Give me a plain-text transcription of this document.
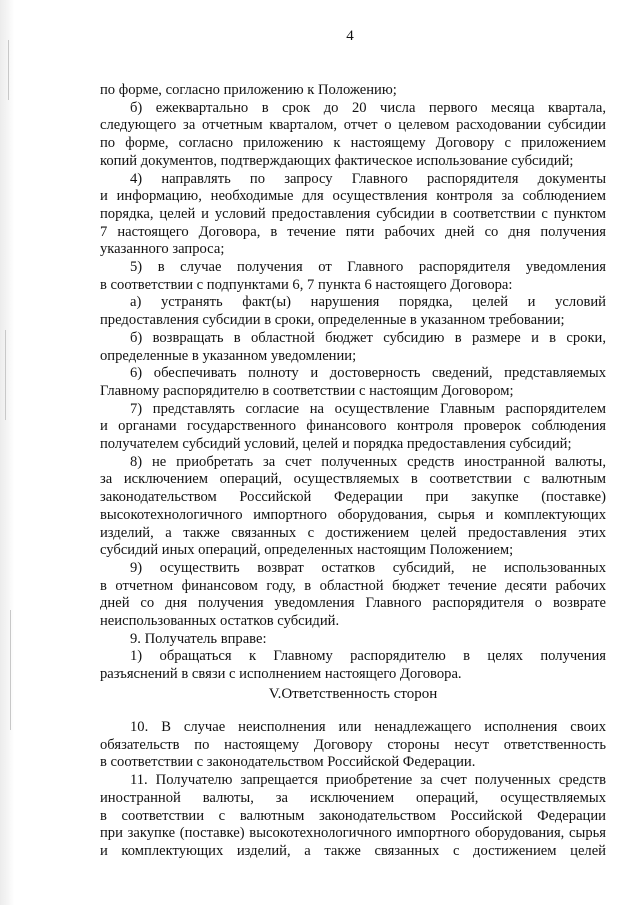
4
по форме, согласно приложению к Положению;
б) ежеквартально в срок до 20 числа первого месяца квартала,
следующего за отчетным кварталом, отчет о целевом расходовании субсидии
по форме, согласно приложению к настоящему Договору с приложением
копий документов, подтверждающих фактическое использование субсидий;
4) направлять по запросу Главного распорядителя документы
и информацию, необходимые для осуществления контроля за соблюдением
порядка, целей и условий предоставления субсидии в соответствии с пунктом
7 настоящего Договора, в течение пяти рабочих дней со дня получения
указанного запроса;
5) в случае получения от Главного распорядителя уведомления
в соответствии с подпунктами 6, 7 пункта 6 настоящего Договора:
а) устранять факт(ы) нарушения порядка, целей и условий
предоставления субсидии в сроки, определенные в указанном требовании;
б) возвращать в областной бюджет субсидию в размере и в сроки,
определенные в указанном уведомлении;
6) обеспечивать полноту и достоверность сведений, представляемых
Главному распорядителю в соответствии с настоящим Договором;
7) представлять согласие на осуществление Главным распорядителем
и органами государственного финансового контроля проверок соблюдения
получателем субсидий условий, целей и порядка предоставления субсидий;
8) не приобретать за счет полученных средств иностранной валюты,
за исключением операций, осуществляемых в соответствии с валютным
законодательством Российской Федерации при закупке (поставке)
высокотехнологичного импортного оборудования, сырья и комплектующих
изделий, а также связанных с достижением целей предоставления этих
субсидий иных операций, определенных настоящим Положением;
9) осуществить возврат остатков субсидий, не использованных
в отчетном финансовом году, в областной бюджет течение десяти рабочих
дней со дня получения уведомления Главного распорядителя о возврате
неиспользованных остатков субсидий.
9. Получатель вправе:
1) обращаться к Главному распорядителю в целях получения
разъяснений в связи с исполнением настоящего Договора.
V.Ответственность сторон
10. В случае неисполнения или ненадлежащего исполнения своих
обязательств по настоящему Договору стороны несут ответственность
в соответствии с законодательством Российской Федерации.
11. Получателю запрещается приобретение за счет полученных средств
иностранной валюты, за исключением операций, осуществляемых
в соответствии с валютным законодательством Российской Федерации
при закупке (поставке) высокотехнологичного импортного оборудования, сырья
и комплектующих изделий, а также связанных с достижением целей
